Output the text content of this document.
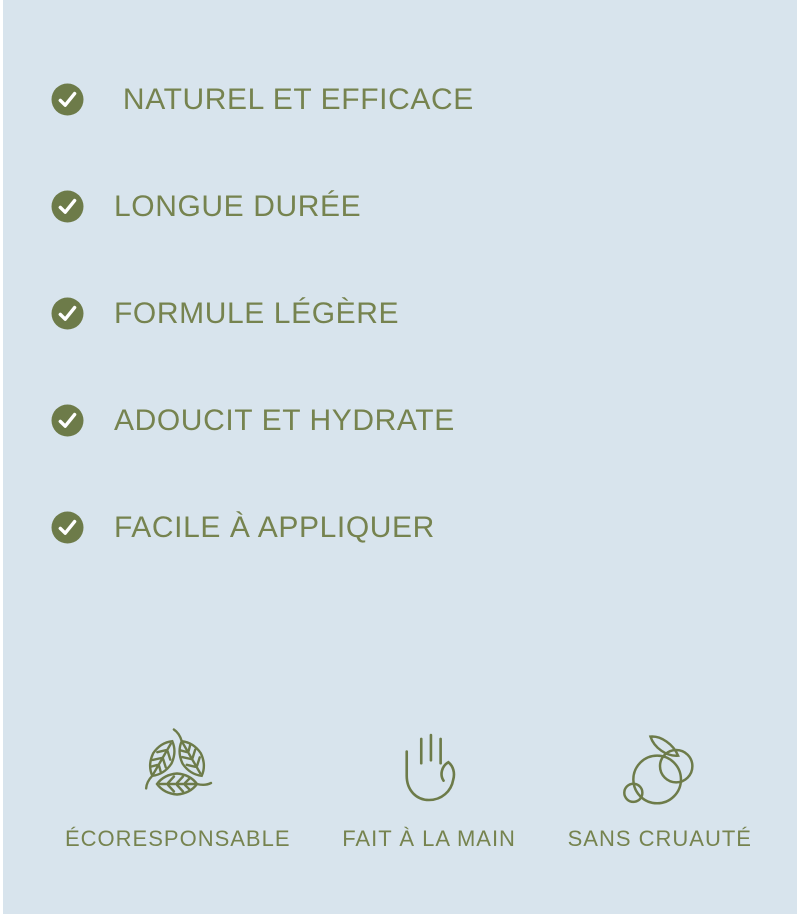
NATUREL ET EFFICACE
LONGUE DURÉE
FORMULE LÉGÈRE
ADOUCIT ET HYDRATE
FACILE À APPLIQUER
ÉCORESPONSABLE FAIT À LA MAIN SANS CRUAUTÉ
